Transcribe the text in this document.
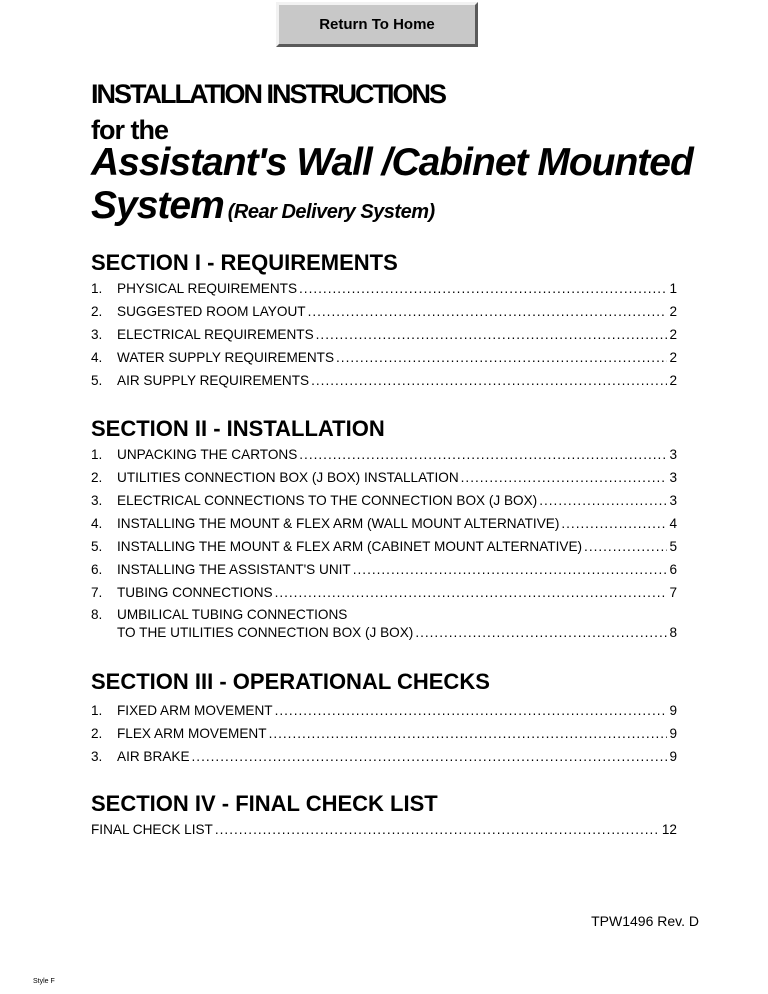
Return To Home
INSTALLATION INSTRUCTIONS
for the
Assistant's Wall /Cabinet Mounted
System (Rear Delivery System)
SECTION I - REQUIREMENTS
1.	PHYSICAL REQUIREMENTS .....	1
2.	SUGGESTED ROOM LAYOUT .....	2
3.	ELECTRICAL REQUIREMENTS .....	2
4.	WATER SUPPLY REQUIREMENTS .....	2
5.	AIR SUPPLY REQUIREMENTS .....	2
SECTION II - INSTALLATION
1.	UNPACKING THE CARTONS .....	3
2.	UTILITIES CONNECTION BOX (J BOX) INSTALLATION .....	3
3.	ELECTRICAL CONNECTIONS TO THE CONNECTION BOX (J BOX) .....	3
4.	INSTALLING THE MOUNT & FLEX ARM (WALL MOUNT ALTERNATIVE) .....	4
5.	INSTALLING THE MOUNT & FLEX ARM (CABINET MOUNT ALTERNATIVE) .....	5
6.	INSTALLING THE ASSISTANT'S UNIT .....	6
7.	TUBING CONNECTIONS .....	7
8.	UMBILICAL TUBING CONNECTIONS
TO THE UTILITIES CONNECTION BOX (J BOX) .....	8
SECTION III - OPERATIONAL CHECKS
1.	FIXED ARM MOVEMENT .....	9
2.	FLEX ARM MOVEMENT .....	9
3.	AIR BRAKE .....	9
SECTION IV - FINAL CHECK LIST
FINAL CHECK LIST .....	12
TPW1496 Rev. D
Style F
